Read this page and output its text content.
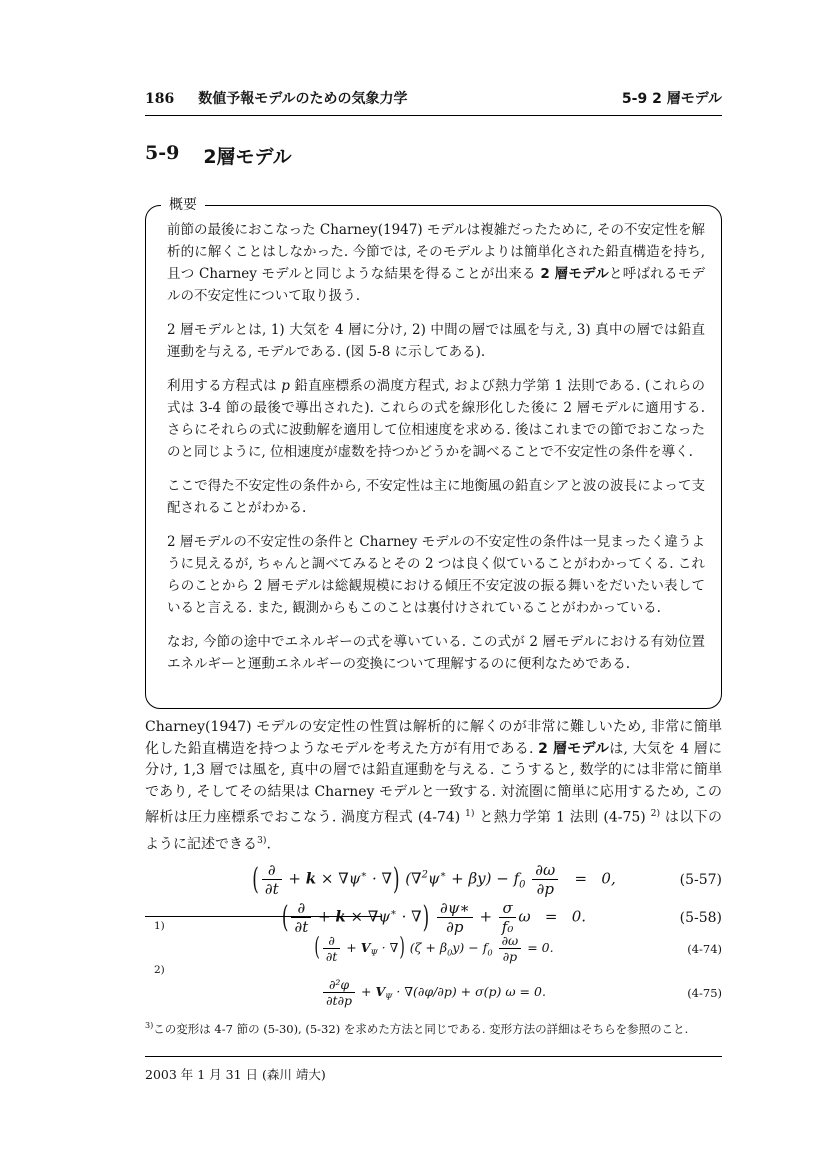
186 数値予報モデルのための気象力学	5-9 2 層モデル
5-9 2層モデル
概要

前節の最後におこなった Charney(1947) モデルは複雑だったために, その不安定性を解析的に解くことはしなかった. 今節では, そのモデルよりは簡単化された鉛直構造を持ち, 且つ Charney モデルと同じような結果を得ることが出来る 2 層モデルと呼ばれるモデルの不安定性について取り扱う.

2 層モデルとは, 1) 大気を 4 層に分け, 2) 中間の層では風を与え, 3) 真中の層では鉛直運動を与える, モデルである. (図 5-8 に示してある).

利用する方程式は p 鉛直座標系の渦度方程式, および熱力学第 1 法則である. (これらの式は 3-4 節の最後で導出された). これらの式を線形化した後に 2 層モデルに適用する. さらにそれらの式に波動解を適用して位相速度を求める. 後はこれまでの節でおこなったのと同じように, 位相速度が虚数を持つかどうかを調べることで不安定性の条件を導く.

ここで得た不安定性の条件から, 不安定性は主に地衡風の鉛直シアと波の波長によって支配されることがわかる.

2 層モデルの不安定性の条件と Charney モデルの不安定性の条件は一見まったく違うように見えるが, ちゃんと調べてみるとその 2 つは良く似ていることがわかってくる. これらのことから 2 層モデルは総観規模における傾圧不安定波の振る舞いをだいたい表していると言える. また, 観測からもこのことは裏付けされていることがわかっている.

なお, 今節の途中でエネルギーの式を導いている. この式が 2 層モデルにおける有効位置エネルギーと運動エネルギーの変換について理解するのに便利なためである.

Charney(1947) モデルの安定性の性質は解析的に解くのが非常に難しいため, 非常に簡単化した鉛直構造を持つようなモデルを考えた方が有用である. 2 層モデルは, 大気を 4 層に分け, 1,3 層では風を, 真中の層では鉛直運動を与える. こうすると, 数学的には非常に簡単であり, そしてその結果は Charney モデルと一致する. 対流圏に簡単に応用するため, この解析は圧力座標系でおこなう. 渦度方程式 (4-74) $^{1)}$ と熱力学第 1 法則 (4-75) $^{2)}$ は以下のように記述できる$^{3)}$.

( $\frac{\partial}{\partial t} + k \times \nabla\psi^∗$ · ∇) $(\nabla^2\psi^∗ + \beta y) - f_0 \frac{\partial\omega}{\partial p} = 0$,	(5-57)
( $\frac{\partial}{\partial t} + k \times \nabla\psi^∗$ · ∇) $\frac{\partial\psi∗}{\partial p} + \frac{\sigma}{\text{f₀}}$ ω   =   0.	(5-58)
1)
( $\frac{\partial}{\partial t} + V_\Psi$ · ∇) $(\zeta + \beta_0y) - f_0 \frac{\partial\omega}{\partial p} = 0$.	(4-74)
2)
$\frac{\text{∂²φ}}{\partial t\partial p} + V_\Psi \cdot \nabla(\partial\varphi/\partial p) + \sigma(p) \omega = 0$.	(4-75)
$^{3)}$この変形は 4-7 節の (5-30), (5-32) を求めた方法と同じである. 変形方法の詳細はそちらを参照のこと.
2003 年 1 月 31 日 (森川 靖大)
